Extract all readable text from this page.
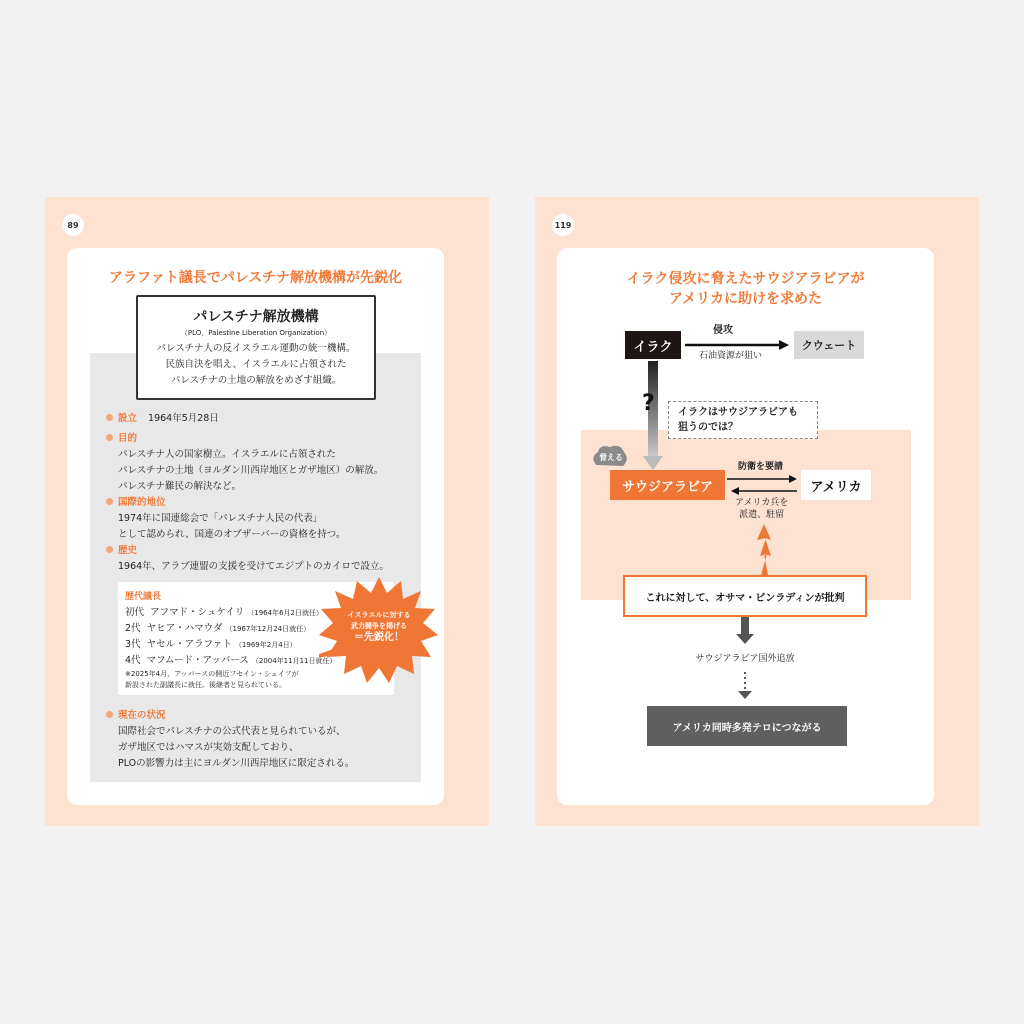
89
アラファト議長でパレスチナ解放機構が先鋭化
パレスチナ解放機構
（PLO、Palestine Liberation Organization）
パレスチナ人の反イスラエル運動の統一機構。
民族自決を唱え、イスラエルに占領された
パレスチナの土地の解放をめざす組織。
設立 1964年5月28日
目的
パレスチナ人の国家樹立。イスラエルに占領された
パレスチナの土地（ヨルダン川西岸地区とガザ地区）の解放。
パレスチナ難民の解決など。
国際的地位
1974年に国連総会で「パレスチナ人民の代表」
として認められ、国連のオブザーバーの資格を持つ。
歴史
1964年、アラブ連盟の支援を受けてエジプトのカイロで設立。
歴代議長
初代 アフマド・シュケイリ （1964年6月2日就任）
2代 ヤヒア・ハマウダ （1967年12月24日就任）
3代 ヤセル・アラファト （1969年2月4日）
4代 マフムード・アッバース （2004年11月11日就任）
※2025年4月、アッバースの側近フセイン・シェイフが
新設された副議長に就任。後継者と見られている。
イスラエルに対する
武力闘争を掲げる
＝先鋭化！
現在の状況
国際社会でパレスチナの公式代表と見られているが、
ガザ地区ではハマスが実効支配しており、
PLOの影響力は主にヨルダン川西岸地区に限定される。
119
イラク侵攻に脅えたサウジアラビアが
アメリカに助けを求めた
イラク
侵攻
石油資源が狙い
クウェート
? イラクはサウジアラビアも
狙うのでは？
脅える
サウジアラビア
防衛を要請
アメリカ兵を
派遣、駐留
アメリカ
これに対して、オサマ・ビンラディンが批判
サウジアラビア国外追放
アメリカ同時多発テロにつながる
